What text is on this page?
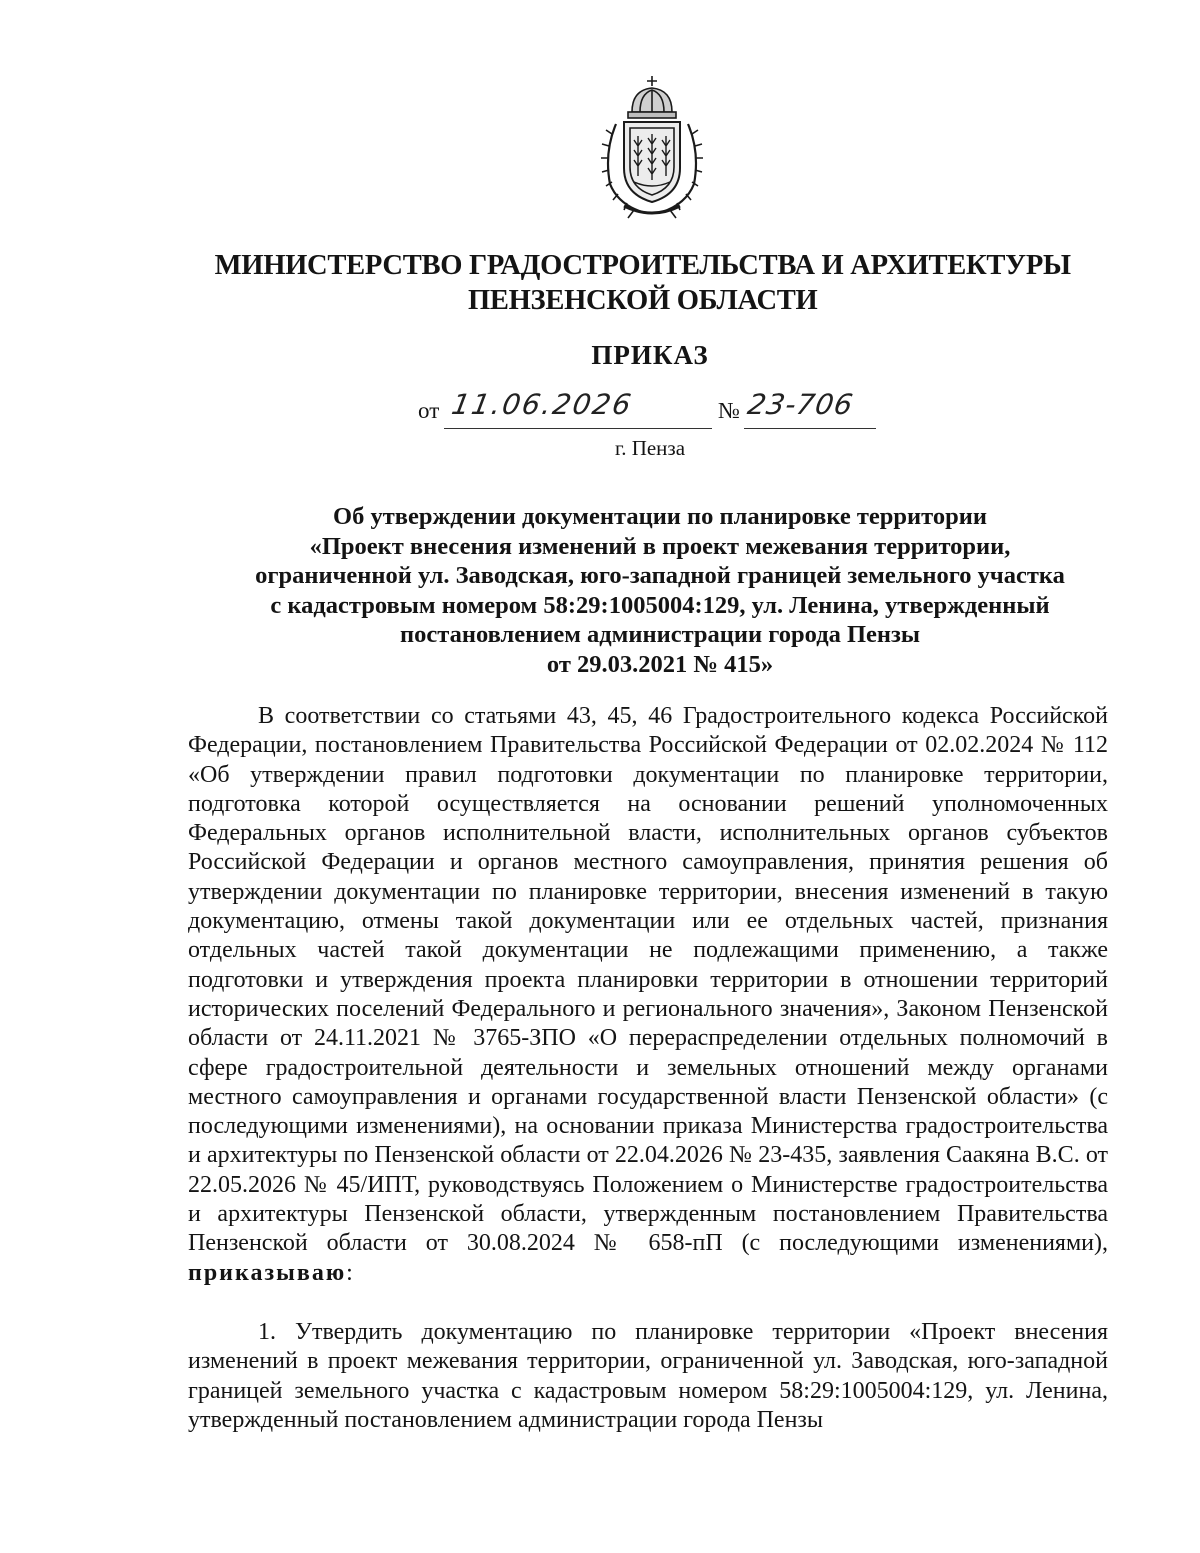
МИНИСТЕРСТВО ГРАДОСТРОИТЕЛЬСТВА И АРХИТЕКТУРЫ
ПЕНЗЕНСКОЙ ОБЛАСТИ
ПРИКАЗ
от 11.06.2026	№ 23-706
г. Пенза
Об утверждении документации по планировке территории
«Проект внесения изменений в проект межевания территории,
ограниченной ул. Заводская, юго-западной границей земельного участка
с кадастровым номером 58:29:1005004:129, ул. Ленина, утвержденный
постановлением администрации города Пензы
от 29.03.2021 № 415»

В соответствии со статьями 43, 45, 46 Градостроительного кодекса Российской Федерации, постановлением Правительства Российской Федерации от 02.02.2024 № 112 «Об утверждении правил подготовки документации по планировке территории, подготовка которой осуществляется на основании решений уполномоченных Федеральных органов исполнительной власти, исполнительных органов субъектов Российской Федерации и органов местного самоуправления, принятия решения об утверждении документации по планировке территории, внесения изменений в такую документацию, отмены такой документации или ее отдельных частей, признания отдельных частей такой документации не подлежащими применению, а также подготовки и утверждения проекта планировки территории в отношении территорий исторических поселений Федерального и регионального значения», Законом Пензенской области от 24.11.2021 № 3765-ЗПО «О перераспределении отдельных полномочий в сфере градостроительной деятельности и земельных отношений между органами местного самоуправления и органами государственной власти Пензенской области» (с последующими изменениями), на основании приказа Министерства градостроительства и архитектуры по Пензенской области от 22.04.2026 № 23-435, заявления Саакяна В.С. от 22.05.2026 № 45/ИПТ, руководствуясь Положением о Министерстве градостроительства и архитектуры Пензенской области, утвержденным постановлением Правительства Пензенской области от 30.08.2024 № 658-пП (с последующими изменениями), приказываю:

1. Утвердить документацию по планировке территории «Проект внесения изменений в проект межевания территории, ограниченной ул. Заводская, юго-западной границей земельного участка с кадастровым номером 58:29:1005004:129, ул. Ленина, утвержденный постановлением администрации города Пензы
